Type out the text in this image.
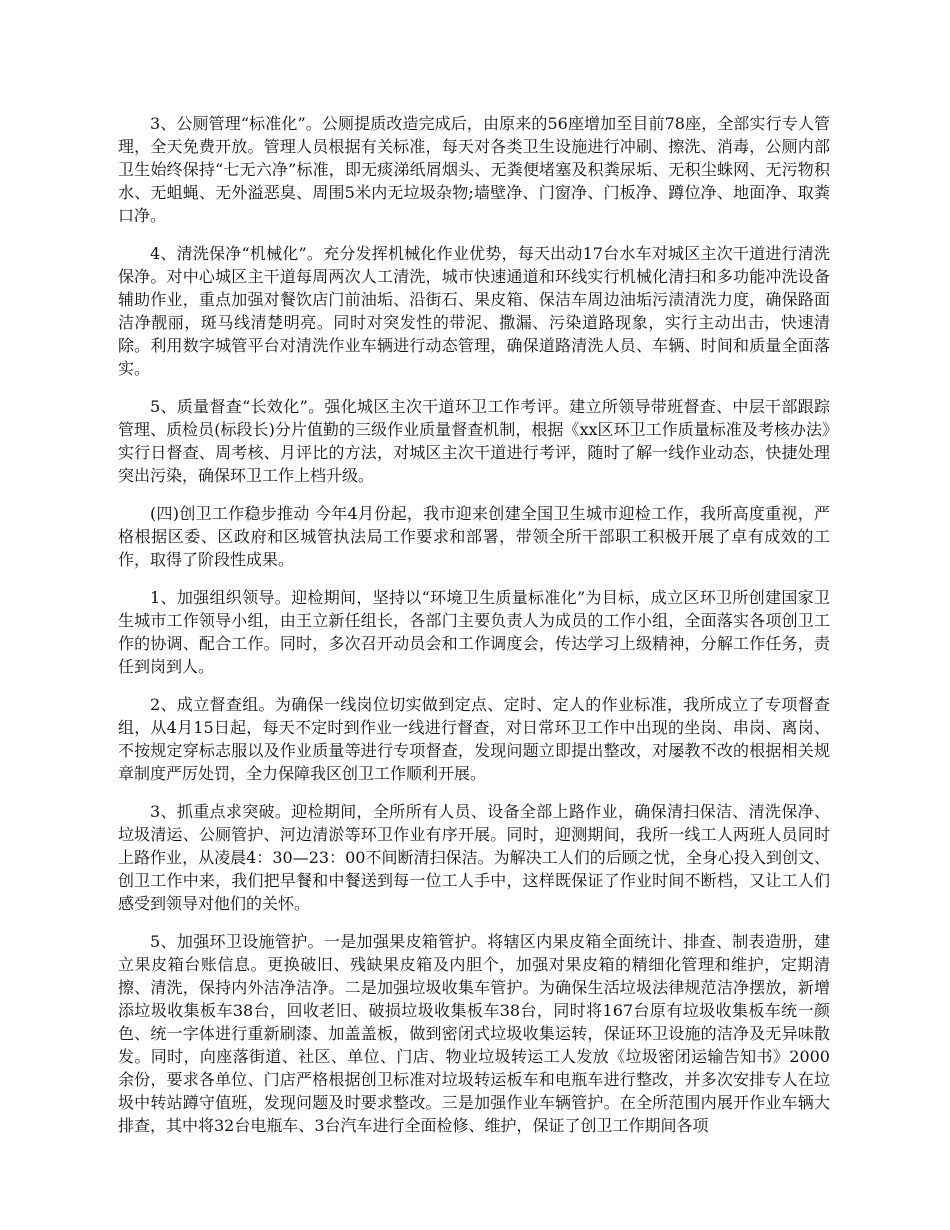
3、公厕管理“标准化”。公厕提质改造完成后，由原来的56座增加至目前78座，全部实行专人管理，全天免费开放。管理人员根据有关标准，每天对各类卫生设施进行冲刷、擦洗、消毒，公厕内部卫生始终保持“七无六净”标准，即无痰涕纸屑烟头、无粪便堵塞及积粪尿垢、无积尘蛛网、无污物积水、无蛆蝇、无外溢恶臭、周围5米内无垃圾杂物;墙壁净、门窗净、门板净、蹲位净、地面净、取粪口净。

4、清洗保净“机械化”。充分发挥机械化作业优势，每天出动17台水车对城区主次干道进行清洗保净。对中心城区主干道每周两次人工清洗，城市快速通道和环线实行机械化清扫和多功能冲洗设备辅助作业，重点加强对餐饮店门前油垢、沿街石、果皮箱、保洁车周边油垢污渍清洗力度，确保路面洁净靓丽，斑马线清楚明亮。同时对突发性的带泥、撒漏、污染道路现象，实行主动出击，快速清除。利用数字城管平台对清洗作业车辆进行动态管理，确保道路清洗人员、车辆、时间和质量全面落实。

5、质量督查“长效化”。强化城区主次干道环卫工作考评。建立所领导带班督查、中层干部跟踪管理、质检员(标段长)分片值勤的三级作业质量督查机制，根据《xx区环卫工作质量标准及考核办法》实行日督查、周考核、月评比的方法，对城区主次干道进行考评，随时了解一线作业动态，快捷处理突出污染，确保环卫工作上档升级。

(四)创卫工作稳步推动 今年4月份起，我市迎来创建全国卫生城市迎检工作，我所高度重视，严格根据区委、区政府和区城管执法局工作要求和部署，带领全所干部职工积极开展了卓有成效的工作，取得了阶段性成果。

1、加强组织领导。迎检期间，坚持以“环境卫生质量标准化”为目标，成立区环卫所创建国家卫生城市工作领导小组，由王立新任组长，各部门主要负责人为成员的工作小组，全面落实各项创卫工作的协调、配合工作。同时，多次召开动员会和工作调度会，传达学习上级精神，分解工作任务，责任到岗到人。

2、成立督查组。为确保一线岗位切实做到定点、定时、定人的作业标准，我所成立了专项督查组，从4月15日起，每天不定时到作业一线进行督查，对日常环卫工作中出现的坐岗、串岗、离岗、不按规定穿标志服以及作业质量等进行专项督查，发现问题立即提出整改，对屡教不改的根据相关规章制度严厉处罚，全力保障我区创卫工作顺利开展。

3、抓重点求突破。迎检期间，全所所有人员、设备全部上路作业，确保清扫保洁、清洗保净、垃圾清运、公厕管护、河边清淤等环卫作业有序开展。同时，迎测期间，我所一线工人两班人员同时上路作业，从凌晨4：30—23：00不间断清扫保洁。为解决工人们的后顾之忧，全身心投入到创文、创卫工作中来，我们把早餐和中餐送到每一位工人手中，这样既保证了作业时间不断档，又让工人们感受到领导对他们的关怀。

5、加强环卫设施管护。一是加强果皮箱管护。将辖区内果皮箱全面统计、排查、制表造册，建立果皮箱台账信息。更换破旧、残缺果皮箱及内胆个，加强对果皮箱的精细化管理和维护，定期清擦、清洗，保持内外洁净洁净。二是加强垃圾收集车管护。为确保生活垃圾法律规范洁净摆放，新增添垃圾收集板车38台，回收老旧、破损垃圾收集板车38台，同时将167台原有垃圾收集板车统一颜色、统一字体进行重新刷漆、加盖盖板，做到密闭式垃圾收集运转，保证环卫设施的洁净及无异味散发。同时，向座落街道、社区、单位、门店、物业垃圾转运工人发放《垃圾密闭运输告知书》2000余份，要求各单位、门店严格根据创卫标准对垃圾转运板车和电瓶车进行整改，并多次安排专人在垃圾中转站蹲守值班，发现问题及时要求整改。三是加强作业车辆管护。在全所范围内展开作业车辆大排查，其中将32台电瓶车、3台汽车进行全面检修、维护，保证了创卫工作期间各项
